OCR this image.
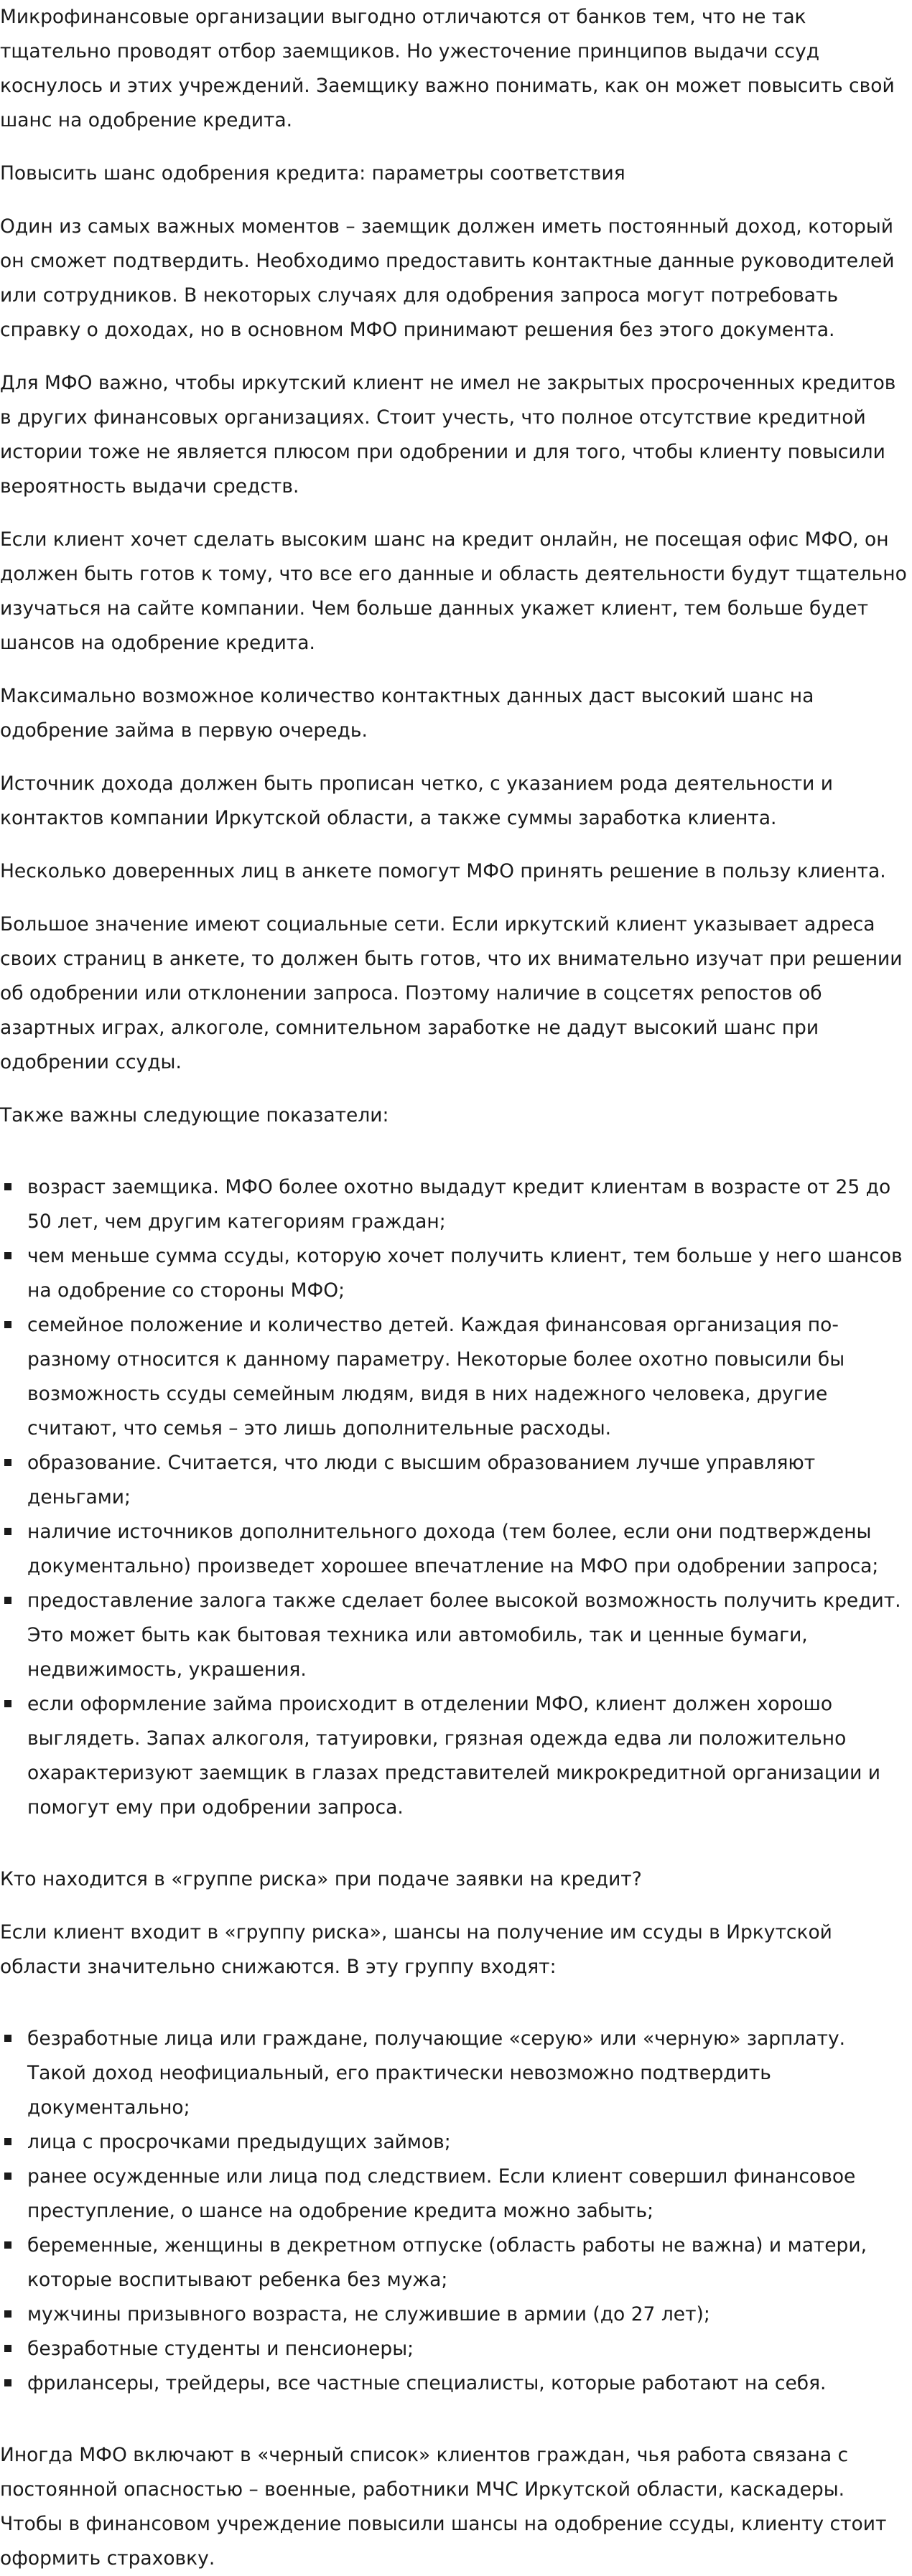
Микрофинансовые организации выгодно отличаются от банков тем, что не так тщательно проводят отбор заемщиков. Но ужесточение принципов выдачи ссуд коснулось и этих учреждений. Заемщику важно понимать, как он может повысить свой шанс на одобрение кредита.

Повысить шанс одобрения кредита: параметры соответствия

Один из самых важных моментов – заемщик должен иметь постоянный доход, который он сможет подтвердить. Необходимо предоставить контактные данные руководителей или сотрудников. В некоторых случаях для одобрения запроса могут потребовать справку о доходах, но в основном МФО принимают решения без этого документа.

Для МФО важно, чтобы иркутский клиент не имел не закрытых просроченных кредитов в других финансовых организациях. Стоит учесть, что полное отсутствие кредитной истории тоже не является плюсом при одобрении и для того, чтобы клиенту повысили вероятность выдачи средств.

Если клиент хочет сделать высоким шанс на кредит онлайн, не посещая офис МФО, он должен быть готов к тому, что все его данные и область деятельности будут тщательно изучаться на сайте компании. Чем больше данных укажет клиент, тем больше будет шансов на одобрение кредита.

Максимально возможное количество контактных данных даст высокий шанс на одобрение займа в первую очередь.

Источник дохода должен быть прописан четко, с указанием рода деятельности и контактов компании Иркутской области, а также суммы заработка клиента.

Несколько доверенных лиц в анкете помогут МФО принять решение в пользу клиента.

Большое значение имеют социальные сети. Если иркутский клиент указывает адреса своих страниц в анкете, то должен быть готов, что их внимательно изучат при решении об одобрении или отклонении запроса. Поэтому наличие в соцсетях репостов об азартных играх, алкоголе, сомнительном заработке не дадут высокий шанс при одобрении ссуды.

Также важны следующие показатели:

возраст заемщика. МФО более охотно выдадут кредит клиентам в возрасте от 25 до 50 лет, чем другим категориям граждан;
чем меньше сумма ссуды, которую хочет получить клиент, тем больше у него шансов на одобрение со стороны МФО;
семейное положение и количество детей. Каждая финансовая организация по-разному относится к данному параметру. Некоторые более охотно повысили бы возможность ссуды семейным людям, видя в них надежного человека, другие считают, что семья – это лишь дополнительные расходы.
образование. Считается, что люди с высшим образованием лучше управляют деньгами;
наличие источников дополнительного дохода (тем более, если они подтверждены документально) произведет хорошее впечатление на МФО при одобрении запроса;
предоставление залога также сделает более высокой возможность получить кредит. Это может быть как бытовая техника или автомобиль, так и ценные бумаги, недвижимость, украшения.
если оформление займа происходит в отделении МФО, клиент должен хорошо выглядеть. Запах алкоголя, татуировки, грязная одежда едва ли положительно охарактеризуют заемщик в глазах представителей микрокредитной организации и помогут ему при одобрении запроса.

Кто находится в «группе риска» при подаче заявки на кредит?

Если клиент входит в «группу риска», шансы на получение им ссуды в Иркутской области значительно снижаются. В эту группу входят:

безработные лица или граждане, получающие «серую» или «черную» зарплату. Такой доход неофициальный, его практически невозможно подтвердить документально;
лица с просрочками предыдущих займов;
ранее осужденные или лица под следствием. Если клиент совершил финансовое преступление, о шансе на одобрение кредита можно забыть;
беременные, женщины в декретном отпуске (область работы не важна) и матери, которые воспитывают ребенка без мужа;
мужчины призывного возраста, не служившие в армии (до 27 лет);
безработные студенты и пенсионеры;
фрилансеры, трейдеры, все частные специалисты, которые работают на себя.

Иногда МФО включают в «черный список» клиентов граждан, чья работа связана с постоянной опасностью – военные, работники МЧС Иркутской области, каскадеры. Чтобы в финансовом учреждение повысили шансы на одобрение ссуды, клиенту стоит оформить страховку.
